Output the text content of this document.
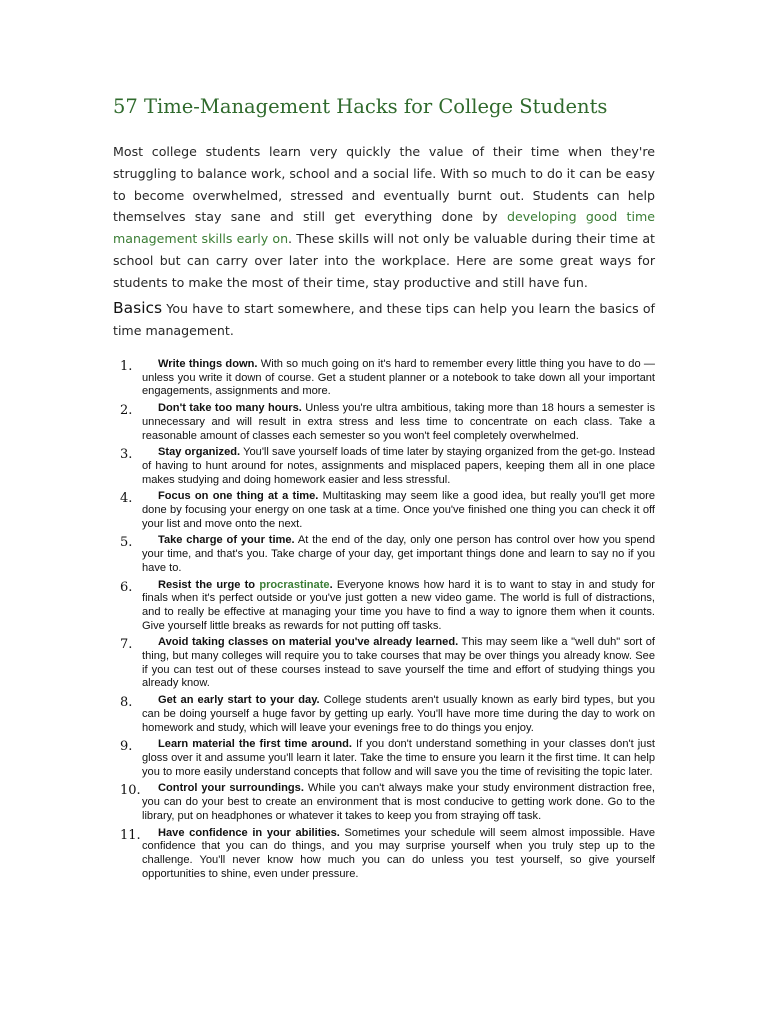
57 Time-Management Hacks for College Students

Most college students learn very quickly the value of their time when they're struggling to balance work, school and a social life. With so much to do it can be easy to become overwhelmed, stressed and eventually burnt out. Students can help themselves stay sane and still get everything done by developing good time management skills early on. These skills will not only be valuable during their time at school but can carry over later into the workplace. Here are some great ways for students to make the most of their time, stay productive and still have fun.

Basics You have to start somewhere, and these tips can help you learn the basics of time management.

1.	Write things down. With so much going on it's hard to remember every little thing you have to do — unless you write it down of course. Get a student planner or a notebook to take down all your important engagements, assignments and more.

2.	Don't take too many hours. Unless you're ultra ambitious, taking more than 18 hours a semester is unnecessary and will result in extra stress and less time to concentrate on each class. Take a reasonable amount of classes each semester so you won't feel completely overwhelmed.

3.	Stay organized. You'll save yourself loads of time later by staying organized from the get-go. Instead of having to hunt around for notes, assignments and misplaced papers, keeping them all in one place makes studying and doing homework easier and less stressful.

4.	Focus on one thing at a time. Multitasking may seem like a good idea, but really you'll get more done by focusing your energy on one task at a time. Once you've finished one thing you can check it off your list and move onto the next.

5.	Take charge of your time. At the end of the day, only one person has control over how you spend your time, and that's you. Take charge of your day, get important things done and learn to say no if you have to.

6.	Resist the urge to procrastinate. Everyone knows how hard it is to want to stay in and study for finals when it's perfect outside or you've just gotten a new video game. The world is full of distractions, and to really be effective at managing your time you have to find a way to ignore them when it counts. Give yourself little breaks as rewards for not putting off tasks.

7.	Avoid taking classes on material you've already learned. This may seem like a "well duh" sort of thing, but many colleges will require you to take courses that may be over things you already know. See if you can test out of these courses instead to save yourself the time and effort of studying things you already know.

8.	Get an early start to your day. College students aren't usually known as early bird types, but you can be doing yourself a huge favor by getting up early. You'll have more time during the day to work on homework and study, which will leave your evenings free to do things you enjoy.

9.	Learn material the first time around. If you don't understand something in your classes don't just gloss over it and assume you'll learn it later. Take the time to ensure you learn it the first time. It can help you to more easily understand concepts that follow and will save you the time of revisiting the topic later.

10.	Control your surroundings. While you can't always make your study environment distraction free, you can do your best to create an environment that is most conducive to getting work done. Go to the library, put on headphones or whatever it takes to keep you from straying off task.

11.	Have confidence in your abilities. Sometimes your schedule will seem almost impossible. Have confidence that you can do things, and you may surprise yourself when you truly step up to the challenge. You'll never know how much you can do unless you test yourself, so give yourself opportunities to shine, even under pressure.
